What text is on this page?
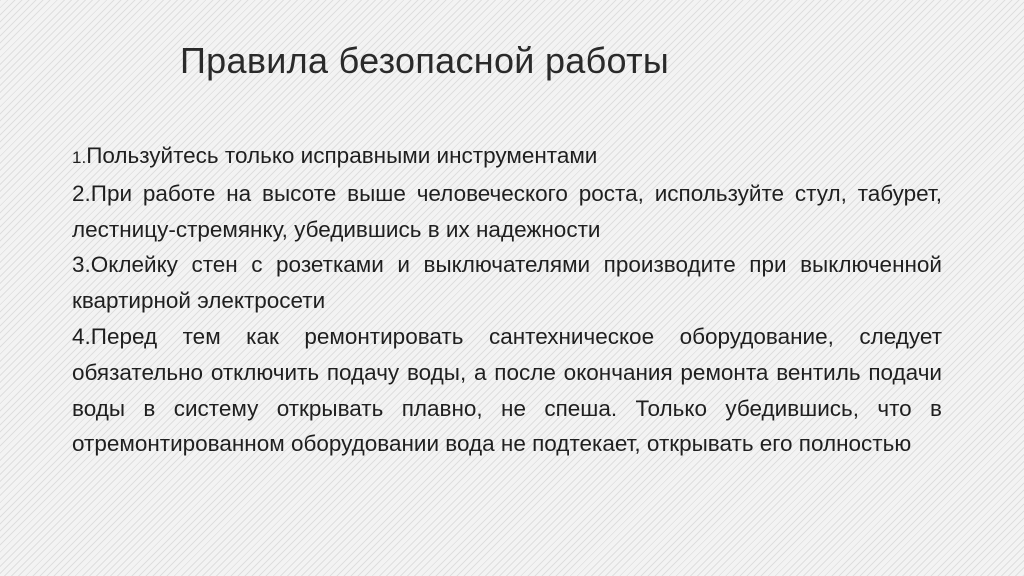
Правила безопасной работы

1.Пользуйтесь только исправными инструментами

2.При работе на высоте выше человеческого роста, используйте стул, табурет, лестницу-стремянку, убедившись в их надежности

3.Оклейку стен с розетками и выключателями производите при выключенной квартирной электросети

4.Перед тем как ремонтировать сантехническое оборудование, следует обязательно отключить подачу воды, а после окончания ремонта вентиль подачи воды в систему открывать плавно, не спеша. Только убедившись, что в отремонтированном оборудовании вода не подтекает, открывать его полностью
